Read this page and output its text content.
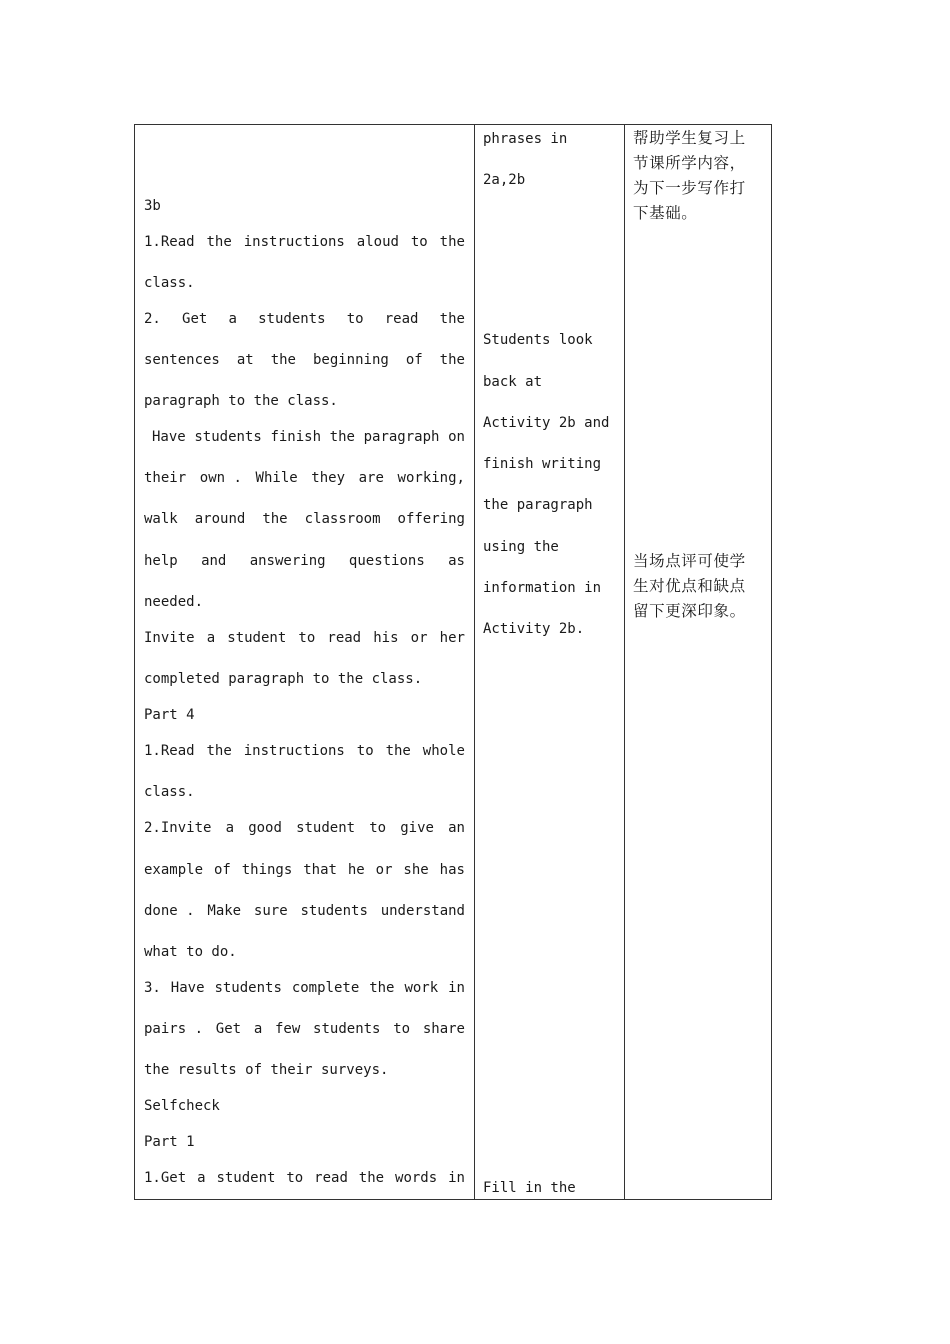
3b
1.Read the instructions aloud to the
class.
2. Get a students to read the
sentences at the beginning of the
paragraph to the class.
Have students finish the paragraph on
their own . While they are working,
walk around the classroom offering
help and answering questions as
needed.
Invite a student to read his or her
completed paragraph to the class.
Part 4
1.Read the instructions to the whole
class.
2.Invite a good student to give an
example of things that he or she has
done . Make sure students understand
what to do.
3. Have students complete the work in
pairs . Get a few students to share
the results of their surveys.
Selfcheck
Part 1
1.Get a student to read the words in
phrases in
2a,2b
Students look
back at
Activity 2b and
finish writing
the paragraph
using the
information in
Activity 2b.
Fill in the
帮助学生复习上
节课所学内容，
为下一步写作打
下基础。
当场点评可使学
生对优点和缺点
留下更深印象。
